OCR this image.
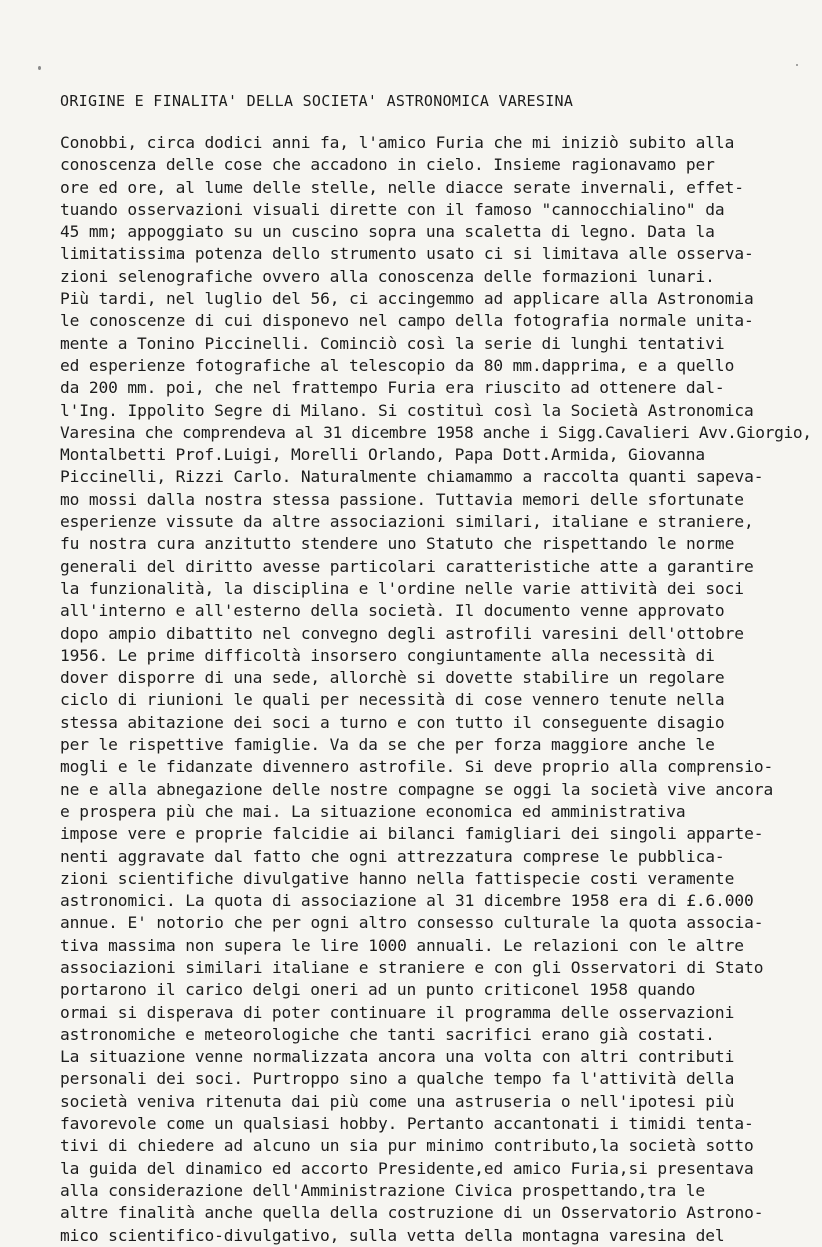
ORIGINE E FINALITA' DELLA SOCIETA' ASTRONOMICA VARESINA
Conobbi, circa dodici anni fa, l'amico Furia che mi iniziò subito alla
conoscenza delle cose che accadono in cielo. Insieme ragionavamo per
ore ed ore, al lume delle stelle, nelle diacce serate invernali, effet-
tuando osservazioni visuali dirette con il famoso "cannocchialino" da
45 mm; appoggiato su un cuscino sopra una scaletta di legno. Data la
limitatissima potenza dello strumento usato ci si limitava alle osserva-
zioni selenografiche ovvero alla conoscenza delle formazioni lunari.
Più tardi, nel luglio del 56, ci accingemmo ad applicare alla Astronomia
le conoscenze di cui disponevo nel campo della fotografia normale unita-
mente a Tonino Piccinelli. Cominciò così la serie di lunghi tentativi
ed esperienze fotografiche al telescopio da 80 mm.dapprima, e a quello
da 200 mm. poi, che nel frattempo Furia era riuscito ad ottenere dal-
l'Ing. Ippolito Segre di Milano. Si costituì così la Società Astronomica
Varesina che comprendeva al 31 dicembre 1958 anche i Sigg.Cavalieri Avv.Giorgio,
Montalbetti Prof.Luigi, Morelli Orlando, Papa Dott.Armida, Giovanna
Piccinelli, Rizzi Carlo. Naturalmente chiamammo a raccolta quanti sapeva-
mo mossi dalla nostra stessa passione. Tuttavia memori delle sfortunate
esperienze vissute da altre associazioni similari, italiane e straniere,
fu nostra cura anzitutto stendere uno Statuto che rispettando le norme
generali del diritto avesse particolari caratteristiche atte a garantire
la funzionalità, la disciplina e l'ordine nelle varie attività dei soci
all'interno e all'esterno della società. Il documento venne approvato
dopo ampio dibattito nel convegno degli astrofili varesini dell'ottobre
1956. Le prime difficoltà insorsero congiuntamente alla necessità di
dover disporre di una sede, allorchè si dovette stabilire un regolare
ciclo di riunioni le quali per necessità di cose vennero tenute nella
stessa abitazione dei soci a turno e con tutto il conseguente disagio
per le rispettive famiglie. Va da se che per forza maggiore anche le
mogli e le fidanzate divennero astrofile. Si deve proprio alla comprensio-
ne e alla abnegazione delle nostre compagne se oggi la società vive ancora
e prospera più che mai. La situazione economica ed amministrativa
impose vere e proprie falcidie ai bilanci famigliari dei singoli apparte-
nenti aggravate dal fatto che ogni attrezzatura comprese le pubblica-
zioni scientifiche divulgative hanno nella fattispecie costi veramente
astronomici. La quota di associazione al 31 dicembre 1958 era di £.6.000
annue. E' notorio che per ogni altro consesso culturale la quota associa-
tiva massima non supera le lire 1000 annuali. Le relazioni con le altre
associazioni similari italiane e straniere e con gli Osservatori di Stato
portarono il carico delgi oneri ad un punto criticonel 1958 quando
ormai si disperava di poter continuare il programma delle osservazioni
astronomiche e meteorologiche che tanti sacrifici erano già costati.
La situazione venne normalizzata ancora una volta con altri contributi
personali dei soci. Purtroppo sino a qualche tempo fa l'attività della
società veniva ritenuta dai più come una astruseria o nell'ipotesi più
favorevole come un qualsiasi hobby. Pertanto accantonati i timidi tenta-
tivi di chiedere ad alcuno un sia pur minimo contributo,la società sotto
la guida del dinamico ed accorto Presidente,ed amico Furia,si presentava
alla considerazione dell'Amministrazione Civica prospettando,tra le
altre finalità anche quella della costruzione di un Osservatorio Astrono-
mico scientifico-divulgativo, sulla vetta della montagna varesina del
